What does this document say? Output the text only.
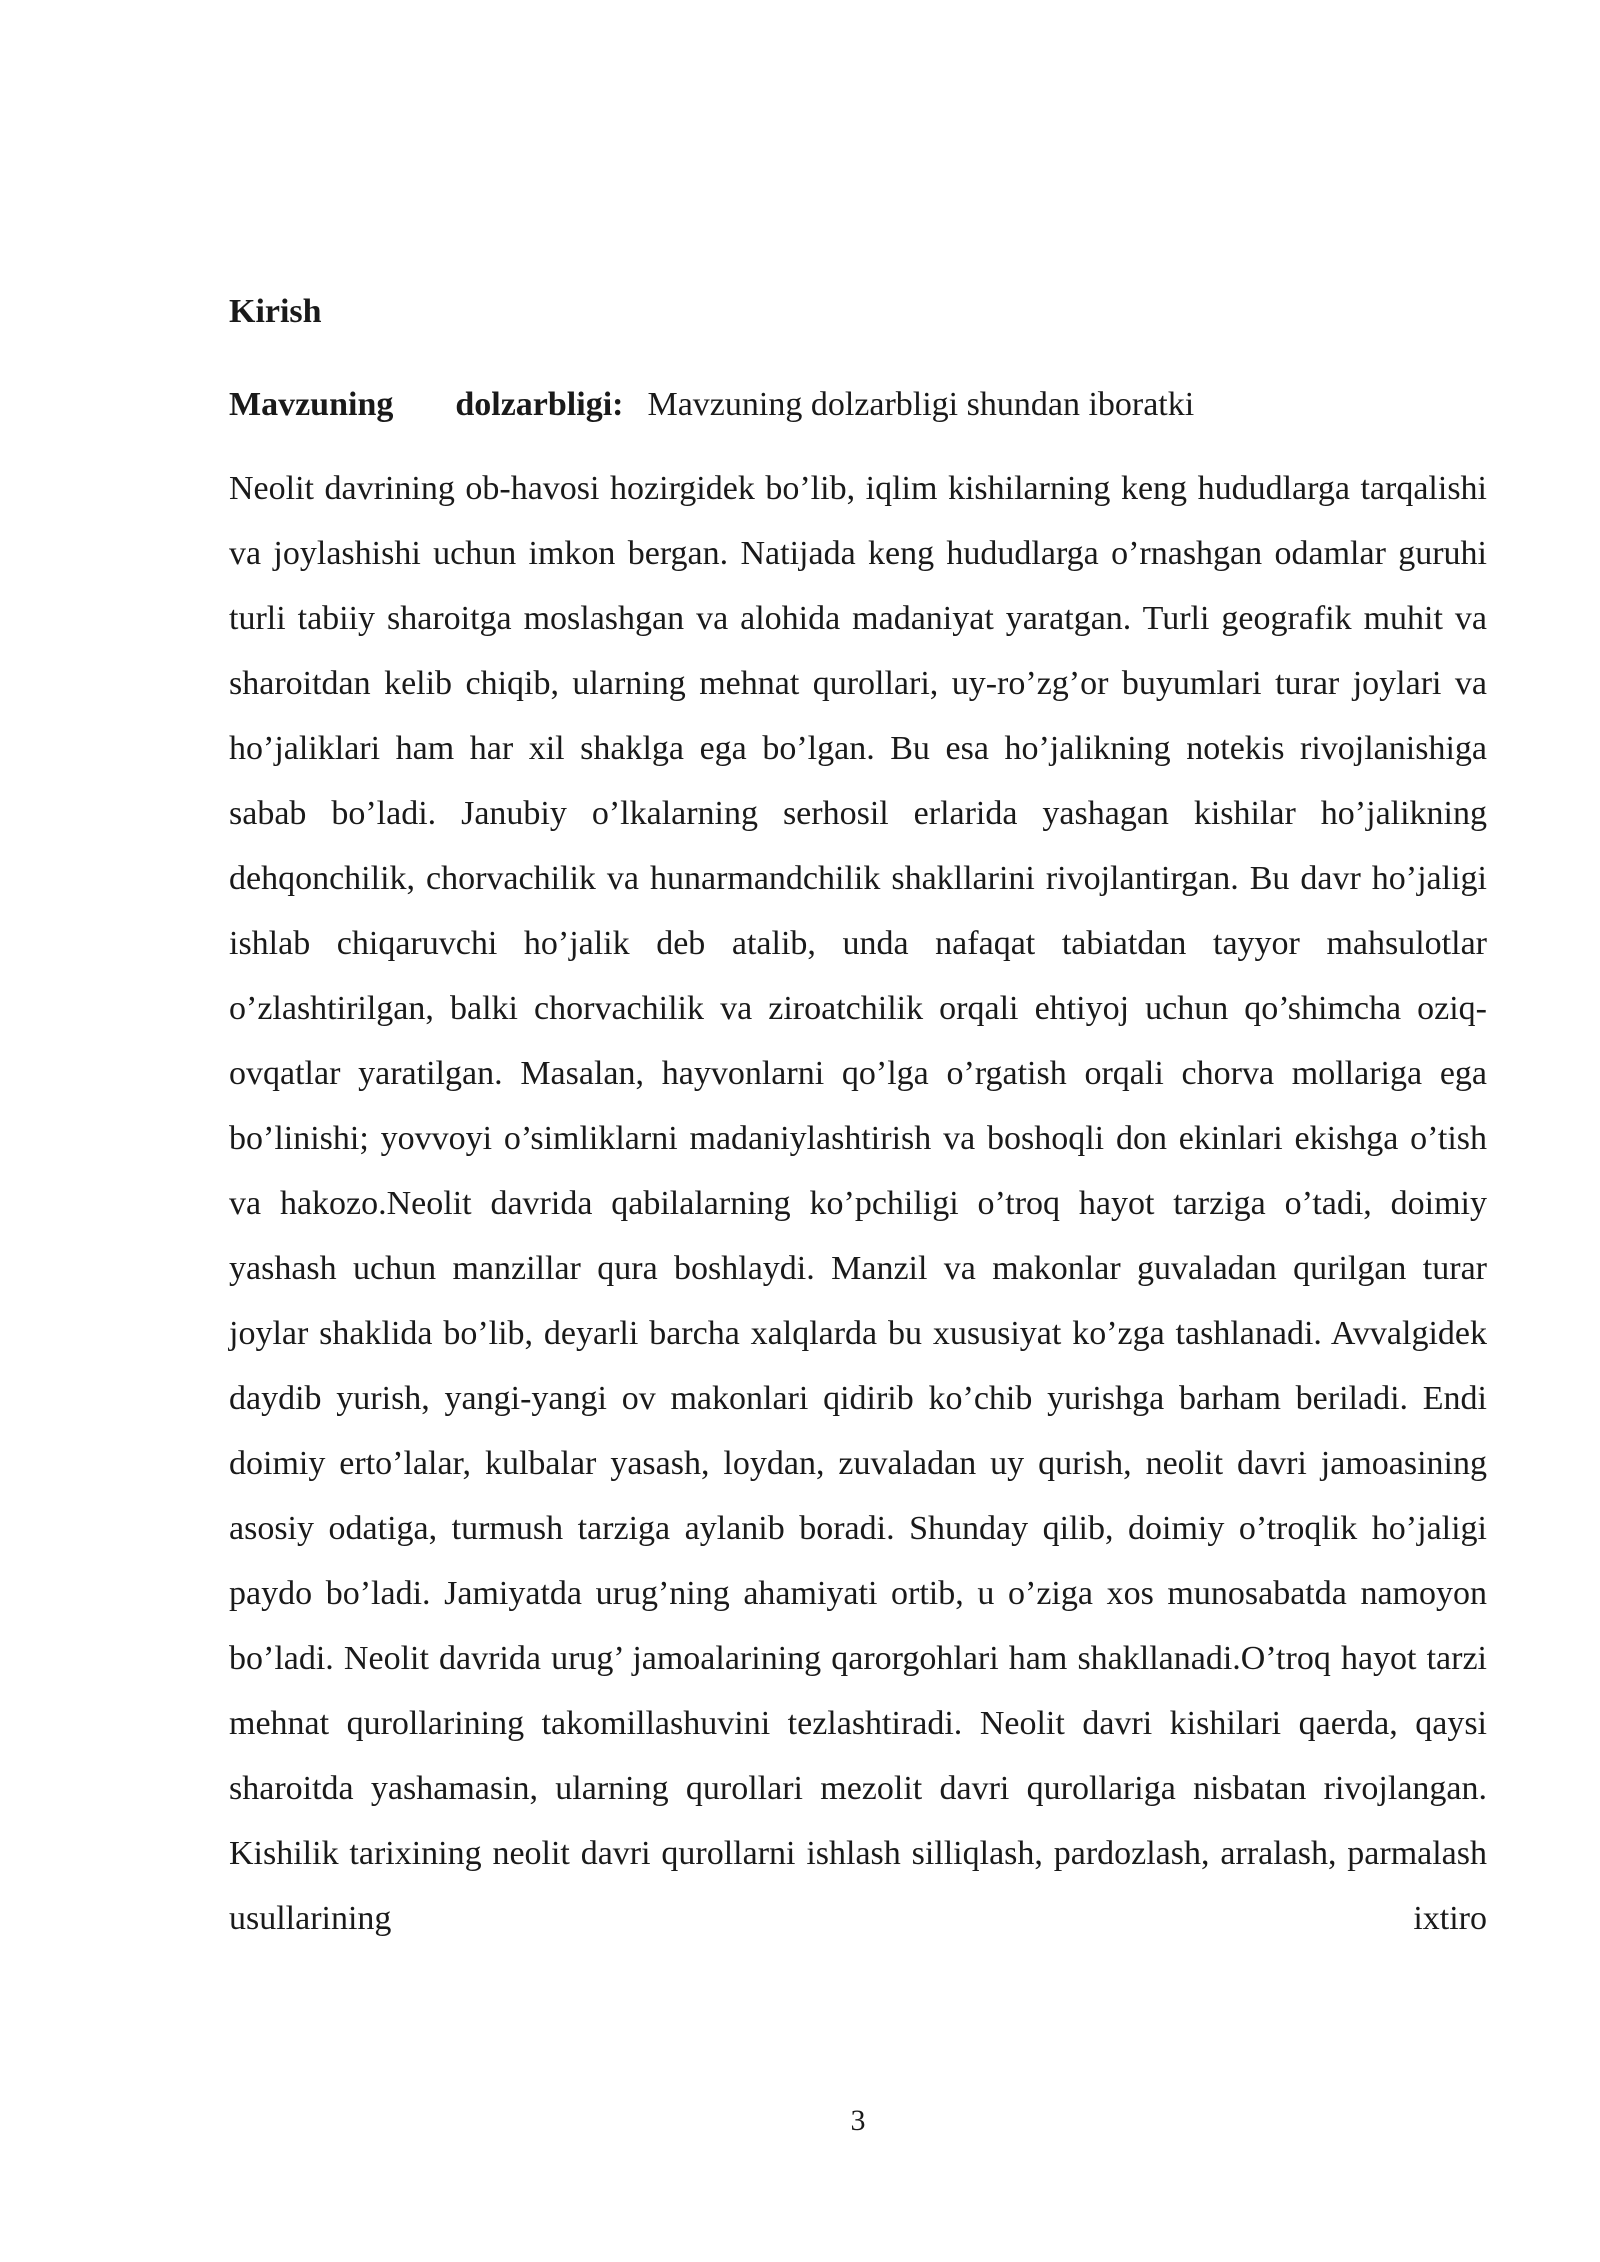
Kirish

Mavzuning dolzarbligi: Mavzuning dolzarbligi shundan iboratki

Neolit davrining ob-havosi hozirgidek bo’lib, iqlim kishilarning keng hududlarga tarqalishi va joylashishi uchun imkon bergan. Natijada keng hududlarga o’rnashgan odamlar guruhi turli tabiiy sharoitga moslashgan va alohida madaniyat yaratgan. Turli geografik muhit va sharoitdan kelib chiqib, ularning mehnat qurollari, uy-ro’zg’or buyumlari turar joylari va ho’jaliklari ham har xil shaklga ega bo’lgan. Bu esa ho’jalikning notekis rivojlanishiga sabab bo’ladi. Janubiy o’lkalarning serhosil erlarida yashagan kishilar ho’jalikning dehqonchilik, chorvachilik va hunarmandchilik shakllarini rivojlantirgan. Bu davr ho’jaligi ishlab chiqaruvchi ho’jalik deb atalib, unda nafaqat tabiatdan tayyor mahsulotlar o’zlashtirilgan, balki chorvachilik va ziroatchilik orqali ehtiyoj uchun qo’shimcha oziq-ovqatlar yaratilgan. Masalan, hayvonlarni qo’lga o’rgatish orqali chorva mollariga ega bo’linishi; yovvoyi o’simliklarni madaniylashtirish va boshoqli don ekinlari ekishga o’tish va hakozo.Neolit davrida qabilalarning ko’pchiligi o’troq hayot tarziga o’tadi, doimiy yashash uchun manzillar qura boshlaydi. Manzil va makonlar guvaladan qurilgan turar joylar shaklida bo’lib, deyarli barcha xalqlarda bu xususiyat ko’zga tashlanadi. Avvalgidek daydib yurish, yangi-yangi ov makonlari qidirib ko’chib yurishga barham beriladi. Endi doimiy erto’lalar, kulbalar yasash, loydan, zuvaladan uy qurish, neolit davri jamoasining asosiy odatiga, turmush tarziga aylanib boradi. Shunday qilib, doimiy o’troqlik ho’jaligi paydo bo’ladi. Jamiyatda urug’ning ahamiyati ortib, u o’ziga xos munosabatda namoyon bo’ladi. Neolit davrida urug’ jamoalarining qarorgohlari ham shakllanadi.O’troq hayot tarzi mehnat qurollarining takomillashuvini tezlashtiradi. Neolit davri kishilari qaerda, qaysi sharoitda yashamasin, ularning qurollari mezolit davri qurollariga nisbatan rivojlangan. Kishilik tarixining neolit davri qurollarni ishlash silliqlash, pardozlash, arralash, parmalash usullarining ixtiro

3
